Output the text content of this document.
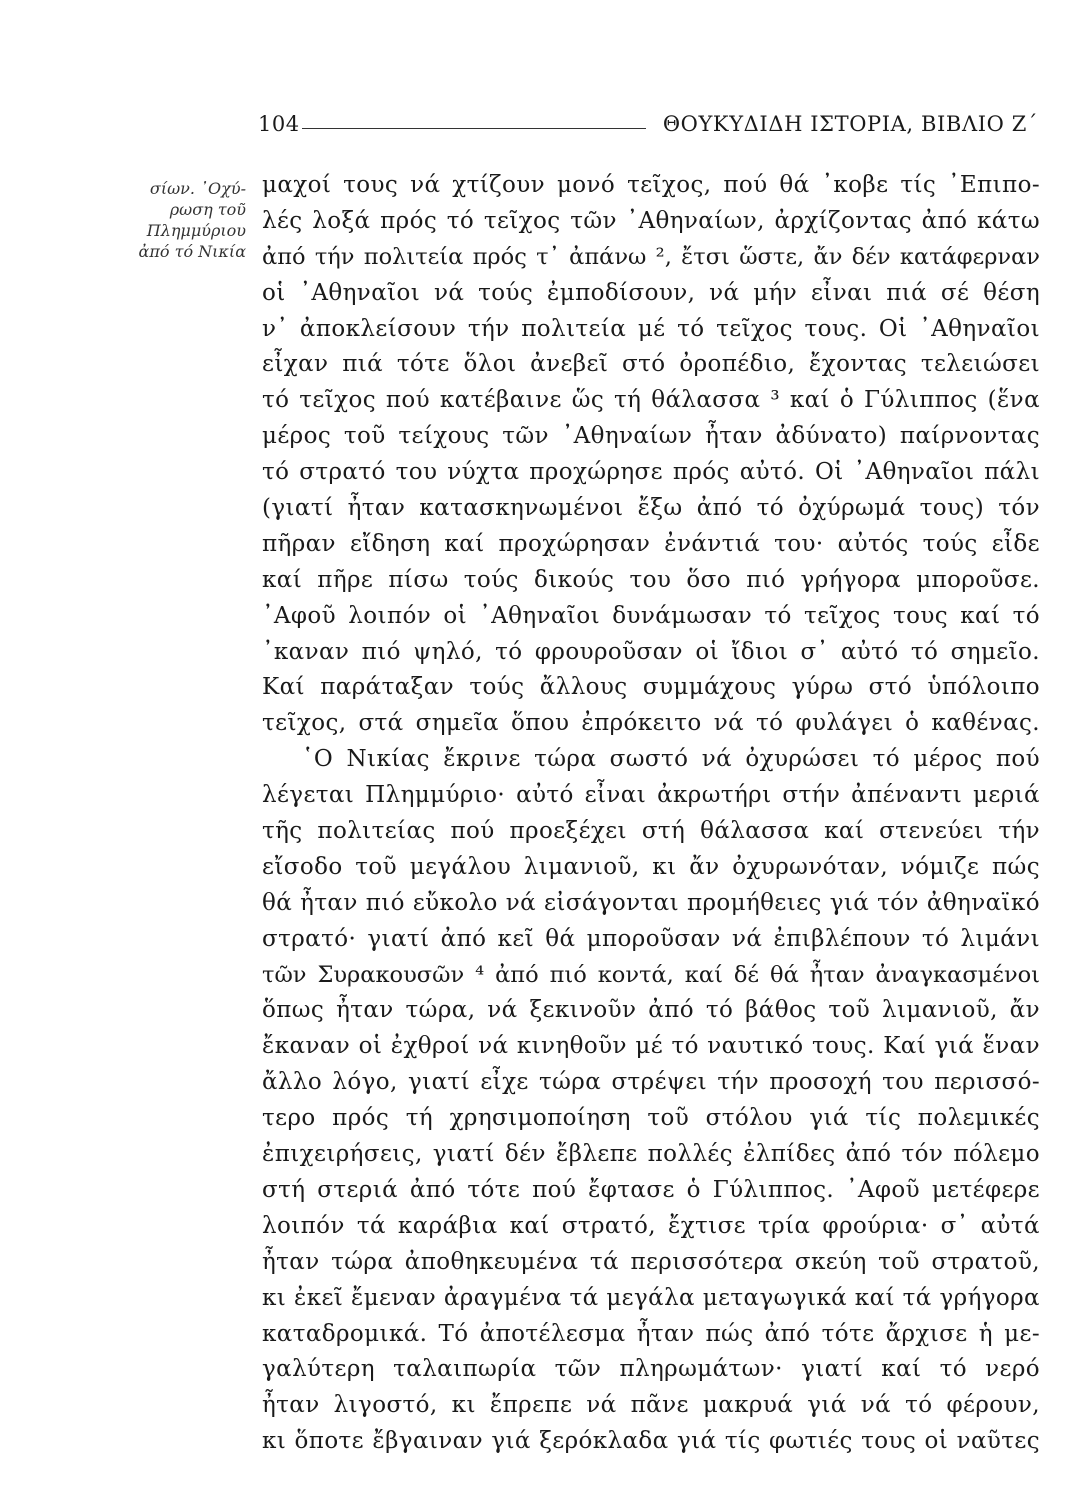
104	ΘΟΥΚΥΔΙΔΗ ΙΣΤΟΡΙΑ, ΒΙΒΛΙΟ Ζ΄
σίων. ᾿Οχύ-
ρωση τοῦ
Πλημμύριου
ἀπό τό Νικία
μαχοί τους νά χτίζουν μονό τεῖχος, πού θά ᾽κοβε τίς ᾽Επιπο-
λές λοξά πρός τό τεῖχος τῶν ᾽Αθηναίων, ἀρχίζοντας ἀπό κάτω
ἀπό τήν πολιτεία πρός τ᾽ ἀπάνω ², ἔτσι ὥστε, ἄν δέν κατάφερναν
οἱ ᾽Αθηναῖοι νά τούς ἐμποδίσουν, νά μήν εἶναι πιά σέ θέση
ν᾽ ἀποκλείσουν τήν πολιτεία μέ τό τεῖχος τους. Οἱ ᾽Αθηναῖοι
εἶχαν πιά τότε ὅλοι ἀνεβεῖ στό ὀροπέδιο, ἔχοντας τελειώσει
τό τεῖχος πού κατέβαινε ὥς τή θάλασσα ³ καί ὁ Γύλιππος (ἕνα
μέρος τοῦ τείχους τῶν ᾽Αθηναίων ἦταν ἀδύνατο) παίρνοντας
τό στρατό του νύχτα προχώρησε πρός αὐτό. Οἱ ᾽Αθηναῖοι πάλι
(γιατί ἦταν κατασκηνωμένοι ἔξω ἀπό τό ὀχύρωμά τους) τόν
πῆραν εἴδηση καί προχώρησαν ἐνάντιά του· αὐτός τούς εἶδε
καί πῆρε πίσω τούς δικούς του ὅσο πιό γρήγορα μποροῦσε.
᾽Αφοῦ λοιπόν οἱ ᾽Αθηναῖοι δυνάμωσαν τό τεῖχος τους καί τό
᾽καναν πιό ψηλό, τό φρουροῦσαν οἱ ἴδιοι σ᾽ αὐτό τό σημεῖο.
Καί παράταξαν τούς ἄλλους συμμάχους γύρω στό ὑπόλοιπο
τεῖχος, στά σημεῖα ὅπου ἐπρόκειτο νά τό φυλάγει ὁ καθένας.
῾Ο Νικίας ἔκρινε τώρα σωστό νά ὀχυρώσει τό μέρος πού
λέγεται Πλημμύριο· αὐτό εἶναι ἀκρωτήρι στήν ἀπέναντι μεριά
τῆς πολιτείας πού προεξέχει στή θάλασσα καί στενεύει τήν
εἴσοδο τοῦ μεγάλου λιμανιοῦ, κι ἄν ὀχυρωνόταν, νόμιζε πώς
θά ἦταν πιό εὔκολο νά εἰσάγονται προμήθειες γιά τόν ἀθηναϊκό
στρατό· γιατί ἀπό κεῖ θά μποροῦσαν νά ἐπιβλέπουν τό λιμάνι
τῶν Συρακουσῶν ⁴ ἀπό πιό κοντά, καί δέ θά ἦταν ἀναγκασμένοι
ὅπως ἦταν τώρα, νά ξεκινοῦν ἀπό τό βάθος τοῦ λιμανιοῦ, ἄν
ἔκαναν οἱ ἐχθροί νά κινηθοῦν μέ τό ναυτικό τους. Καί γιά ἕναν
ἄλλο λόγο, γιατί εἶχε τώρα στρέψει τήν προσοχή του περισσό-
τερο πρός τή χρησιμοποίηση τοῦ στόλου γιά τίς πολεμικές
ἐπιχειρήσεις, γιατί δέν ἔβλεπε πολλές ἐλπίδες ἀπό τόν πόλεμο
στή στεριά ἀπό τότε πού ἔφτασε ὁ Γύλιππος. ᾽Αφοῦ μετέφερε
λοιπόν τά καράβια καί στρατό, ἔχτισε τρία φρούρια· σ᾽ αὐτά
ἦταν τώρα ἀποθηκευμένα τά περισσότερα σκεύη τοῦ στρατοῦ,
κι ἐκεῖ ἔμεναν ἀραγμένα τά μεγάλα μεταγωγικά καί τά γρήγορα
καταδρομικά. Τό ἀποτέλεσμα ἦταν πώς ἀπό τότε ἄρχισε ἡ με-
γαλύτερη ταλαιπωρία τῶν πληρωμάτων· γιατί καί τό νερό
ἦταν λιγοστό, κι ἔπρεπε νά πᾶνε μακρυά γιά νά τό φέρουν,
κι ὅποτε ἔβγαιναν γιά ξερόκλαδα γιά τίς φωτιές τους οἱ ναῦτες
